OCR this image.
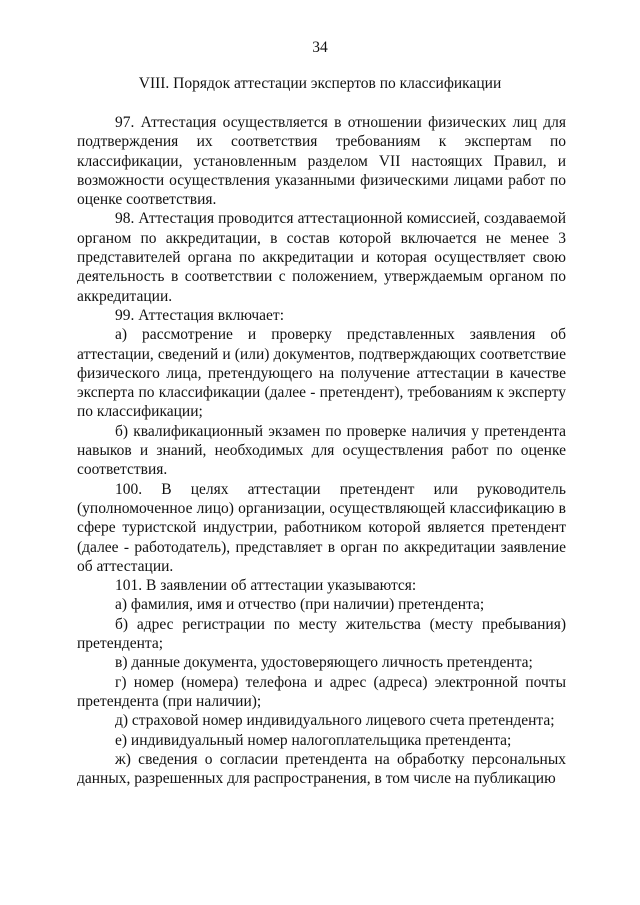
34
VIII. Порядок аттестации экспертов по классификации

97. Аттестация осуществляется в отношении физических лиц для подтверждения их соответствия требованиям к экспертам по классификации, установленным разделом VII настоящих Правил, и возможности осуществления указанными физическими лицами работ по оценке соответствия.

98. Аттестация проводится аттестационной комиссией, создаваемой органом по аккредитации, в состав которой включается не менее 3 представителей органа по аккредитации и которая осуществляет свою деятельность в соответствии с положением, утверждаемым органом по аккредитации.

99. Аттестация включает:

а) рассмотрение и проверку представленных заявления об аттестации, сведений и (или) документов, подтверждающих соответствие физического лица, претендующего на получение аттестации в качестве эксперта по классификации (далее - претендент), требованиям к эксперту по классификации;

б) квалификационный экзамен по проверке наличия у претендента навыков и знаний, необходимых для осуществления работ по оценке соответствия.

100. В целях аттестации претендент или руководитель (уполномоченное лицо) организации, осуществляющей классификацию в сфере туристской индустрии, работником которой является претендент (далее - работодатель), представляет в орган по аккредитации заявление об аттестации.

101. В заявлении об аттестации указываются:

а) фамилия, имя и отчество (при наличии) претендента;

б) адрес регистрации по месту жительства (месту пребывания) претендента;

в) данные документа, удостоверяющего личность претендента;

г) номер (номера) телефона и адрес (адреса) электронной почты претендента (при наличии);

д) страховой номер индивидуального лицевого счета претендента;

е) индивидуальный номер налогоплательщика претендента;

ж) сведения о согласии претендента на обработку персональных данных, разрешенных для распространения, в том числе на публикацию
